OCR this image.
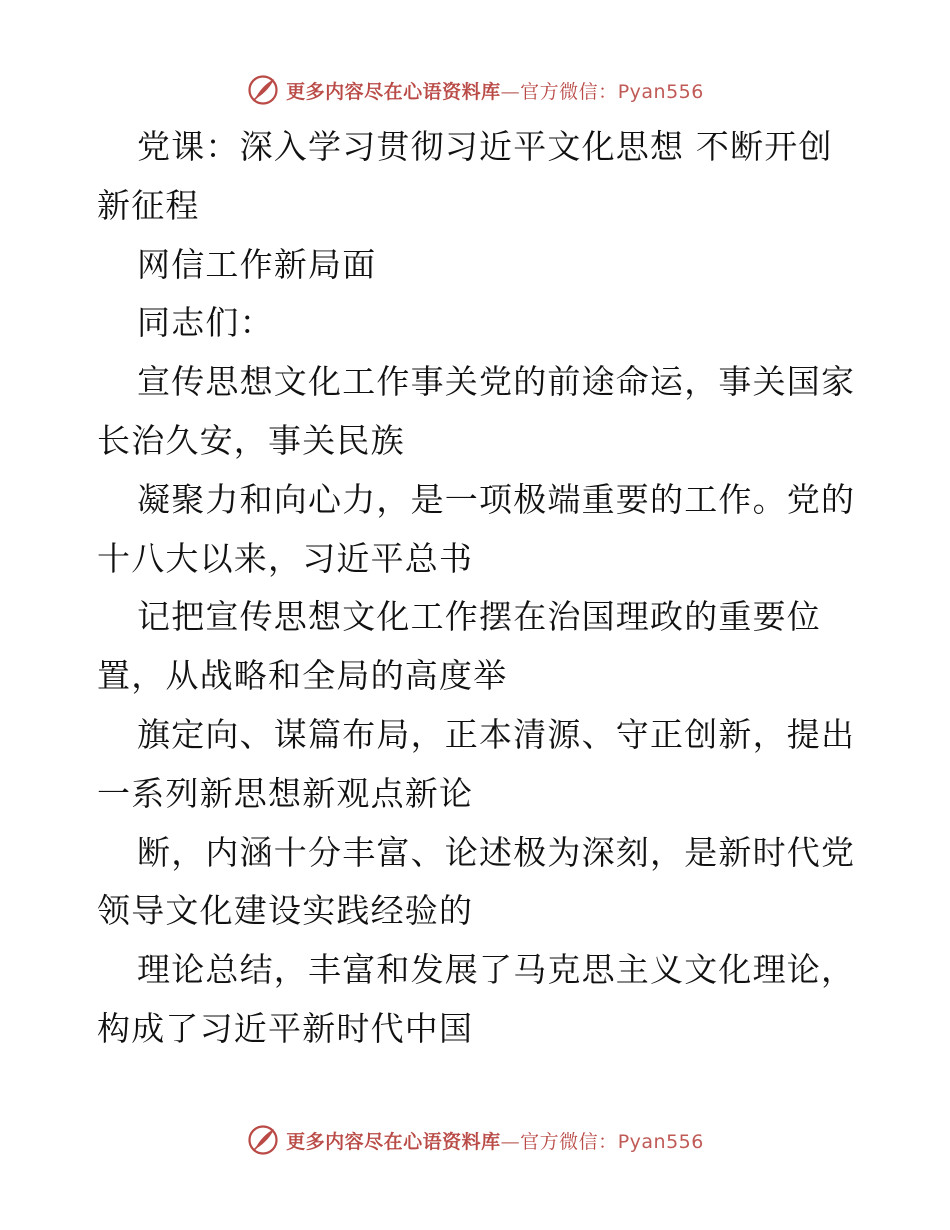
更多内容尽在心语资料库—官方微信：Pyan556
党课：深入学习贯彻习近平文化思想 不断开创
新征程
网信工作新局面
同志们：
宣传思想文化工作事关党的前途命运，事关国家
长治久安，事关民族
凝聚力和向心力，是一项极端重要的工作。党的
十八大以来，习近平总书
记把宣传思想文化工作摆在治国理政的重要位
置，从战略和全局的高度举
旗定向、谋篇布局，正本清源、守正创新，提出
一系列新思想新观点新论
断，内涵十分丰富、论述极为深刻，是新时代党
领导文化建设实践经验的
理论总结，丰富和发展了马克思主义文化理论，
构成了习近平新时代中国
更多内容尽在心语资料库—官方微信：Pyan556
